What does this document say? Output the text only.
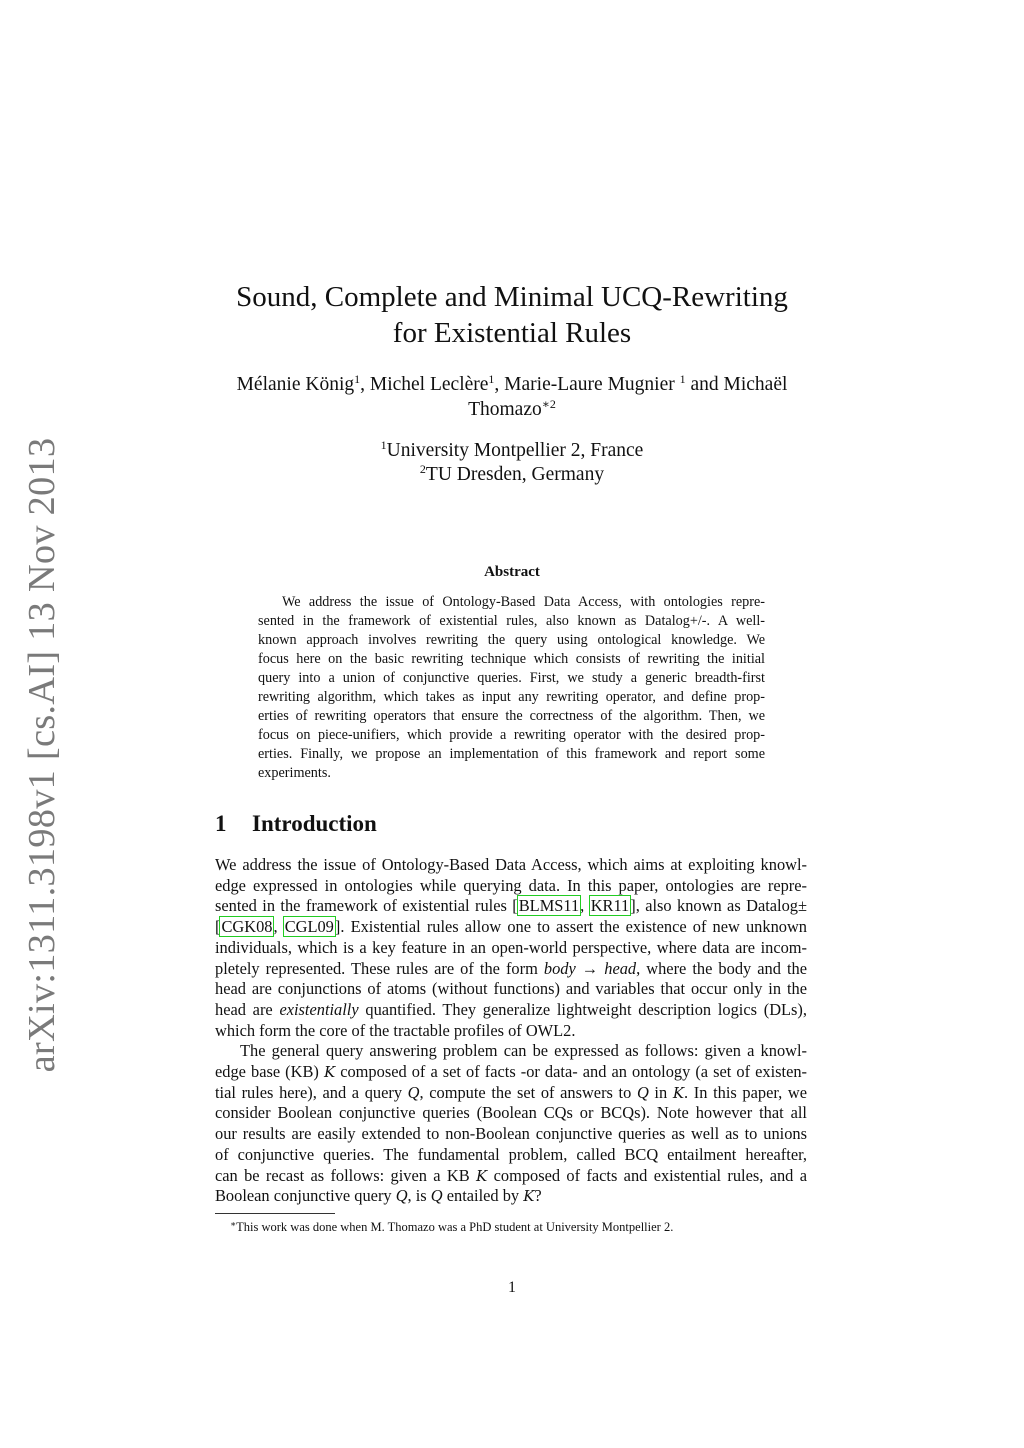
arXiv:1311.3198v1 [cs.AI] 13 Nov 2013
Sound, Complete and Minimal UCQ-Rewriting
for Existential Rules
Mélanie König$^1$, Michel Leclère$^1$, Marie-Laure Mugnier $^1$ and Michaël
Thomazo$^{∗2}$
$^1$University Montpellier 2, France
$^2$TU Dresden, Germany
Abstract
We address the issue of Ontology-Based Data Access, with ontologies repre-
sented in the framework of existential rules, also known as Datalog+/-. A well-
known approach involves rewriting the query using ontological knowledge. We
focus here on the basic rewriting technique which consists of rewriting the initial
query into a union of conjunctive queries. First, we study a generic breadth-first
rewriting algorithm, which takes as input any rewriting operator, and define prop-
erties of rewriting operators that ensure the correctness of the algorithm. Then, we
focus on piece-unifiers, which provide a rewriting operator with the desired prop-
erties. Finally, we propose an implementation of this framework and report some
experiments.
1 Introduction
We address the issue of Ontology-Based Data Access, which aims at exploiting knowl-
edge expressed in ontologies while querying data. In this paper, ontologies are repre-
sented in the framework of existential rules [BLMS11, KR11], also known as Datalog±
[CGK08, CGL09]. Existential rules allow one to assert the existence of new unknown
individuals, which is a key feature in an open-world perspective, where data are incom-
pletely represented. These rules are of the form body → head, where the body and the
head are conjunctions of atoms (without functions) and variables that occur only in the
head are existentially quantified. They generalize lightweight description logics (DLs),
which form the core of the tractable profiles of OWL2.
The general query answering problem can be expressed as follows: given a knowl-
edge base (KB) K composed of a set of facts -or data- and an ontology (a set of existen-
tial rules here), and a query Q, compute the set of answers to Q in K. In this paper, we
consider Boolean conjunctive queries (Boolean CQs or BCQs). Note however that all
our results are easily extended to non-Boolean conjunctive queries as well as to unions
of conjunctive queries. The fundamental problem, called BCQ entailment hereafter,
can be recast as follows: given a KB K composed of facts and existential rules, and a
Boolean conjunctive query Q, is Q entailed by K?
∗This work was done when M. Thomazo was a PhD student at University Montpellier 2.
1
